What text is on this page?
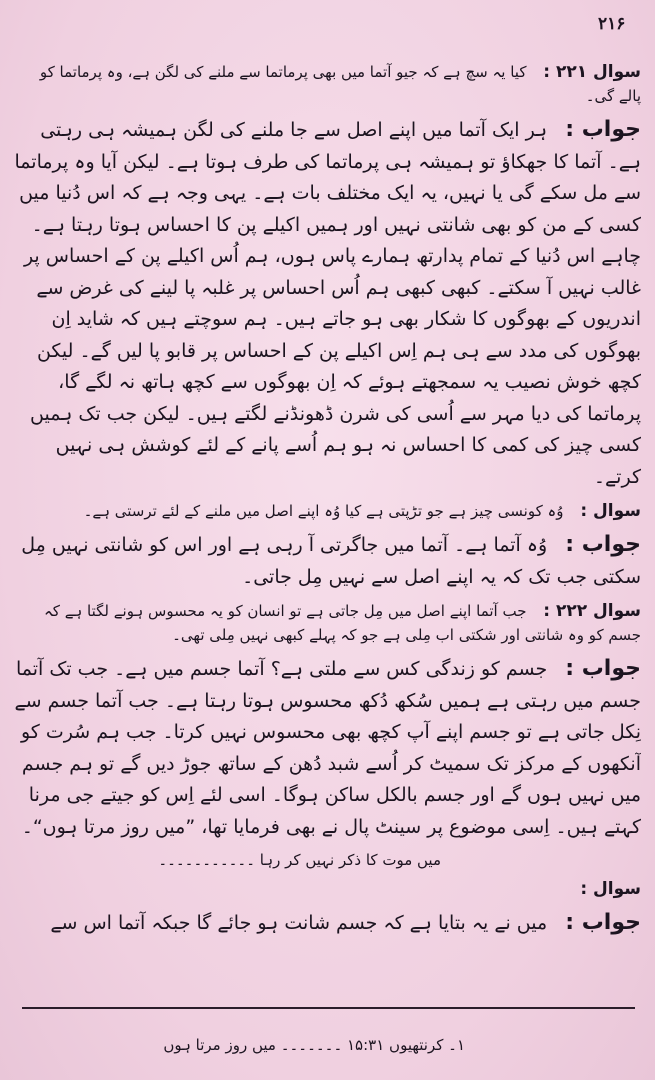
۲۱۶

سوال ۲۲۱ : کیا یہ سچ ہے کہ جیو آتما میں بھی پرماتما سے ملنے کی لگن ہے، وہ پرماتما کو پالے گی۔

جواب : ہر ایک آتما میں اپنے اصل سے جا ملنے کی لگن ہمیشہ ہی رہتی ہے۔ آتما کا جھکاؤ تو ہمیشہ ہی پرماتما کی طرف ہوتا ہے۔ لیکن آیا وہ پرماتما سے مل سکے گی یا نہیں، یہ ایک مختلف بات ہے۔ یہی وجہ ہے کہ اس دُنیا میں کسی کے من کو بھی شانتی نہیں اور ہمیں اکیلے پن کا احساس ہوتا رہتا ہے۔ چاہے اس دُنیا کے تمام پدارتھ ہمارے پاس ہوں، ہم اُس اکیلے پن کے احساس پر غالب نہیں آ سکتے۔ کبھی کبھی ہم اُس احساس پر غلبہ پا لینے کی غرض سے اندریوں کے بھوگوں کا شکار بھی ہو جاتے ہیں۔ ہم سوچتے ہیں کہ شاید اِن بھوگوں کی مدد سے ہی ہم اِس اکیلے پن کے احساس پر قابو پا لیں گے۔ لیکن کچھ خوش نصیب یہ سمجھتے ہوئے کہ اِن بھوگوں سے کچھ ہاتھ نہ لگے گا، پرماتما کی دیا مہر سے اُسی کی شرن ڈھونڈنے لگتے ہیں۔ لیکن جب تک ہمیں کسی چیز کی کمی کا احساس نہ ہو ہم اُسے پانے کے لئے کوشش ہی نہیں کرتے۔

سوال : وُہ کونسی چیز ہے جو تڑپتی ہے کیا وُہ اپنے اصل میں ملنے کے لئے ترستی ہے۔

جواب : وُہ آتما ہے۔ آتما میں جاگرتی آ رہی ہے اور اس کو شانتی نہیں مِل سکتی جب تک کہ یہ اپنے اصل سے نہیں مِل جاتی۔

سوال ۲۲۲ : جب آتما اپنے اصل میں مِل جاتی ہے تو انسان کو یہ محسوس ہونے لگتا ہے کہ جسم کو وہ شانتی اور شکتی اب مِلی ہے جو کہ پہلے کبھی نہیں مِلی تھی۔

جواب : جسم کو زندگی کس سے ملتی ہے؟ آتما جسم میں ہے۔ جب تک آتما جسم میں رہتی ہے ہمیں سُکھ دُکھ محسوس ہوتا رہتا ہے۔ جب آتما جسم سے نِکل جاتی ہے تو جسم اپنے آپ کچھ بھی محسوس نہیں کرتا۔ جب ہم سُرت کو آنکھوں کے مرکز تک سمیٹ کر اُسے شبد دُھن کے ساتھ جوڑ دیں گے تو ہم جسم میں نہیں ہوں گے اور جسم بالکل ساکن ہوگا۔ اسی لئے اِس کو جیتے جی مرنا کہتے ہیں۔ اِسی موضوع پر سینٹ پال نے بھی فرمایا تھا، ”میں روز مرتا ہوں“۔

میں موت کا ذکر نہیں کر رہا ۔۔۔۔۔۔۔۔۔۔۔

سوال :

جواب : میں نے یہ بتایا ہے کہ جسم شانت ہو جائے گا جبکہ آتما اس سے

۱۔ کرنتھیوں ۱۵:۳۱ ۔۔۔۔۔۔۔ میں روز مرتا ہوں
